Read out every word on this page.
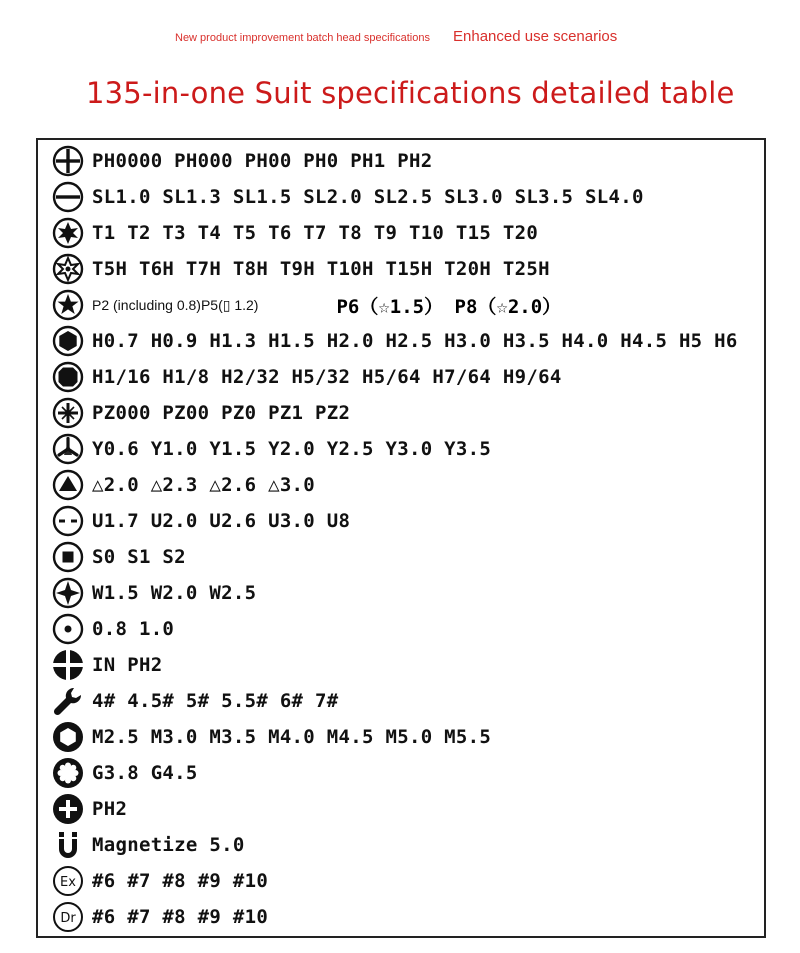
New product improvement batch head specifications Enhanced use scenarios
135-in-one Suit specifications detailed table
PH0000 PH000 PH00 PH0 PH1 PH2
SL1.0 SL1.3 SL1.5 SL2.0 SL2.5 SL3.0 SL3.5 SL4.0
T1 T2 T3 T4 T5 T6 T7 T8 T9 T10 T15 T20
T5H T6H T7H T8H T9H T10H T15H T20H T25H
P2 (including 0.8)P5(▯ 1.2)	P6（☆1.5） P8（☆2.0）
H0.7 H0.9 H1.3 H1.5 H2.0 H2.5 H3.0 H3.5 H4.0 H4.5 H5 H6
H1/16 H1/8 H2/32 H5/32 H5/64 H7/64 H9/64
PZ000 PZ00 PZ0 PZ1 PZ2
Y0.6 Y1.0 Y1.5 Y2.0 Y2.5 Y3.0 Y3.5
△2.0 △2.3 △2.6 △3.0
U1.7 U2.0 U2.6 U3.0 U8
S0 S1 S2
W1.5 W2.0 W2.5
0.8 1.0
IN PH2
4# 4.5# 5# 5.5# 6# 7#
M2.5 M3.0 M3.5 M4.0 M4.5 M5.0 M5.5
G3.8 G4.5
PH2
Magnetize 5.0
Ex #6 #7 #8 #9 #10
Dr #6 #7 #8 #9 #10
